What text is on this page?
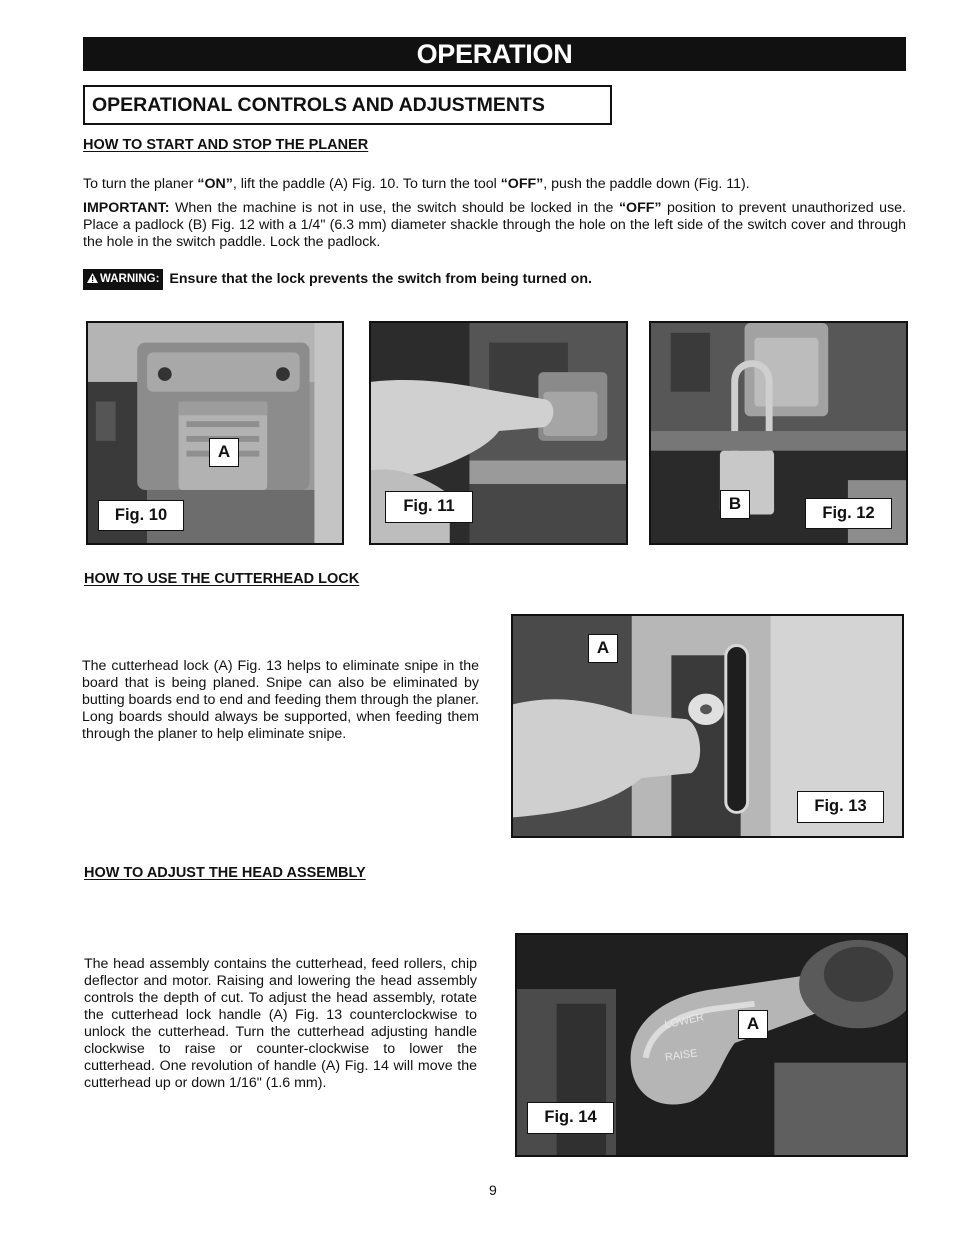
OPERATION
OPERATIONAL CONTROLS AND ADJUSTMENTS
HOW TO START AND STOP THE PLANER
To turn the planer “ON”, lift the paddle (A) Fig. 10. To turn the tool “OFF”, push the paddle down (Fig. 11).
IMPORTANT: When the machine is not in use, the switch should be locked in the “OFF” position to prevent unauthorized use. Place a padlock (B) Fig. 12 with a 1/4" (6.3 mm) diameter shackle through the hole on the left side of the switch cover and through the hole in the switch paddle. Lock the padlock.
WARNING: Ensure that the lock prevents the switch from being turned on.
A
Fig. 10	Fig. 11	B	Fig. 12
HOW TO USE THE CUTTERHEAD LOCK
The cutterhead lock (A) Fig. 13 helps to eliminate snipe in the board that is being planed. Snipe can also be eliminated by butting boards end to end and feeding them through the planer. Long boards should always be supported, when feeding them through the planer to help eliminate snipe.
A
Fig. 13
HOW TO ADJUST THE HEAD ASSEMBLY
The head assembly contains the cutterhead, feed rollers, chip deflector and motor. Raising and lowering the head assembly controls the depth of cut. To adjust the head assembly, rotate the cutterhead lock handle (A) Fig. 13 counterclockwise to unlock the cutterhead. Turn the cutterhead adjusting handle clockwise to raise or counter-clockwise to lower the cutterhead. One revolution of handle (A) Fig. 14 will move the cutterhead up or down 1/16" (1.6 mm).
LOWER
RAISE
A
Fig. 14
9
